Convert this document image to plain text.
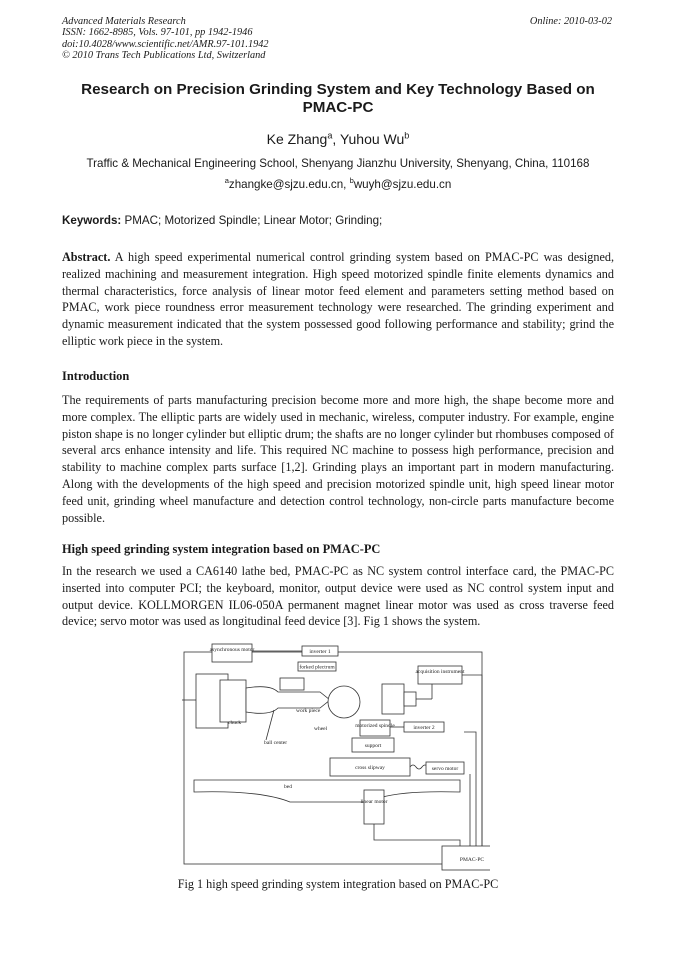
Advanced Materials Research
ISSN: 1662-8985, Vols. 97-101, pp 1942-1946
doi:10.4028/www.scientific.net/AMR.97-101.1942
© 2010 Trans Tech Publications Ltd, Switzerland
Online: 2010-03-02
Research on Precision Grinding System and Key Technology Based on PMAC-PC
Ke Zhang$^a$, Yuhou Wu$^b$
Traffic & Mechanical Engineering School, Shenyang Jianzhu University, Shenyang, China, 110168
$^a$zhangke@sjzu.edu.cn, $^b$wuyh@sjzu.edu.cn
Keywords: PMAC; Motorized Spindle; Linear Motor; Grinding;

Abstract. A high speed experimental numerical control grinding system based on PMAC-PC was designed, realized machining and measurement integration. High speed motorized spindle finite elements dynamics and thermal characteristics, force analysis of linear motor feed element and parameters setting method based on PMAC, work piece roundness error measurement technology were researched. The grinding experiment and dynamic measurement indicated that the system possessed good following performance and stability; grind the elliptic work piece in the system.

Introduction

The requirements of parts manufacturing precision become more and more high, the shape become more and more complex. The elliptic parts are widely used in mechanic, wireless, computer industry. For example, engine piston shape is no longer cylinder but elliptic drum; the shafts are no longer cylinder but rhombuses composed of several arcs enhance intensity and life. This required NC machine to possess high performance, precision and stability to machine complex parts surface [1,2]. Grinding plays an important part in modern manufacturing. Along with the developments of the high speed and precision motorized spindle unit, high speed linear motor feed unit, grinding wheel manufacture and detection control technology, non-circle parts manufacture become possible.

High speed grinding system integration based on PMAC-PC

In the research we used a CA6140 lathe bed, PMAC-PC as NC system control interface card, the PMAC-PC inserted into computer PCI; the keyboard, monitor, output device were used as NC control system input and output device. KOLLMORGEN IL06-050A permanent magnet linear motor was used as cross traverse feed device; servo motor was used as longitudinal feed device [3]. Fig 1 shows the system.

asynchronous motor	inverter 1
forked plectrum
acquisition instrument
chuck
work piece
wheel	motorized spindle	inverter 2
ball center	support
cross slipway	servo motor
bed
linear motor
PMAC-PC
Fig 1 high speed grinding system integration based on PMAC-PC
